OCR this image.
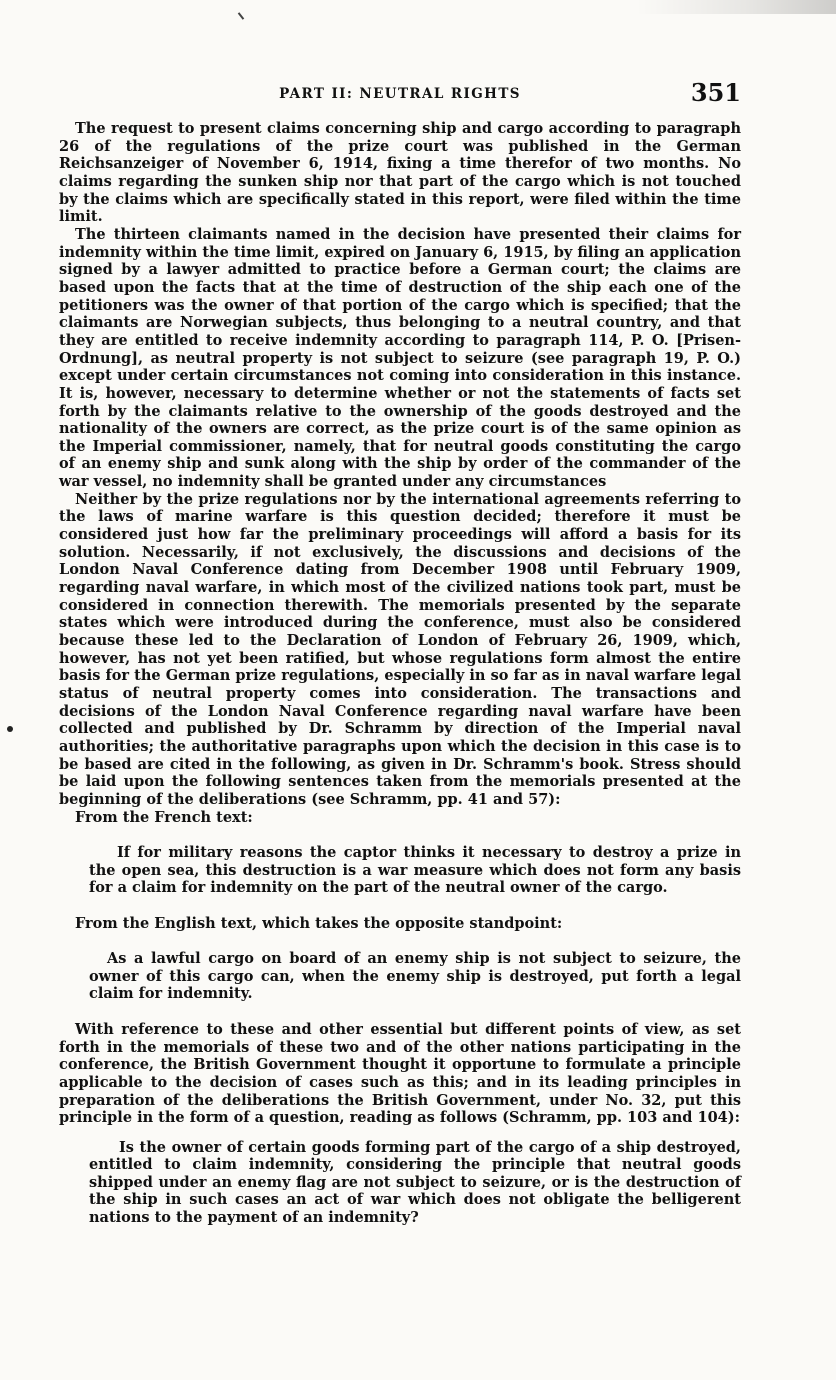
PART II: NEUTRAL RIGHTS	351

The request to present claims concerning ship and cargo according to paragraph 26 of the regulations of the prize court was published in the German Reichsanzeiger of November 6, 1914, fixing a time therefor of two months. No claims regarding the sunken ship nor that part of the cargo which is not touched by the claims which are specifically stated in this report, were filed within the time limit.

The thirteen claimants named in the decision have presented their claims for indemnity within the time limit, expired on January 6, 1915, by filing an application signed by a lawyer admitted to practice before a German court; the claims are based upon the facts that at the time of destruction of the ship each one of the petitioners was the owner of that portion of the cargo which is specified; that the claimants are Norwegian subjects, thus belonging to a neutral country, and that they are entitled to receive indemnity according to paragraph 114, P. O. [Prisen-Ordnung], as neutral property is not subject to seizure (see paragraph 19, P. O.) except under certain circumstances not coming into consideration in this instance. It is, however, necessary to determine whether or not the statements of facts set forth by the claimants relative to the ownership of the goods destroyed and the nationality of the owners are correct, as the prize court is of the same opinion as the Imperial commissioner, namely, that for neutral goods constituting the cargo of an enemy ship and sunk along with the ship by order of the commander of the war vessel, no indemnity shall be granted under any circumstances

Neither by the prize regulations nor by the international agreements referring to the laws of marine warfare is this question decided; therefore it must be considered just how far the preliminary proceedings will afford a basis for its solution. Necessarily, if not exclusively, the discussions and decisions of the London Naval Conference dating from December 1908 until February 1909, regarding naval warfare, in which most of the civilized nations took part, must be considered in connection therewith. The memorials presented by the separate states which were introduced during the conference, must also be considered because these led to the Declaration of London of February 26, 1909, which, however, has not yet been ratified, but whose regulations form almost the entire basis for the German prize regulations, especially in so far as in naval warfare legal status of neutral property comes into consideration. The transactions and decisions of the London Naval Conference regarding naval warfare have been collected and published by Dr. Schramm by direction of the Imperial naval authorities; the authoritative paragraphs upon which the decision in this case is to be based are cited in the following, as given in Dr. Schramm's book. Stress should be laid upon the following sentences taken from the memorials presented at the beginning of the deliberations (see Schramm, pp. 41 and 57):

From the French text:

If for military reasons the captor thinks it necessary to destroy a prize in the open sea, this destruction is a war measure which does not form any basis for a claim for indemnity on the part of the neutral owner of the cargo.

From the English text, which takes the opposite standpoint:

As a lawful cargo on board of an enemy ship is not subject to seizure, the owner of this cargo can, when the enemy ship is destroyed, put forth a legal claim for indemnity.

With reference to these and other essential but different points of view, as set forth in the memorials of these two and of the other nations participating in the conference, the British Government thought it opportune to formulate a principle applicable to the decision of cases such as this; and in its leading principles in preparation of the deliberations the British Government, under No. 32, put this principle in the form of a question, reading as follows (Schramm, pp. 103 and 104):

Is the owner of certain goods forming part of the cargo of a ship destroyed, entitled to claim indemnity, considering the principle that neutral goods shipped under an enemy flag are not subject to seizure, or is the destruction of the ship in such cases an act of war which does not obligate the belligerent nations to the payment of an indemnity?
